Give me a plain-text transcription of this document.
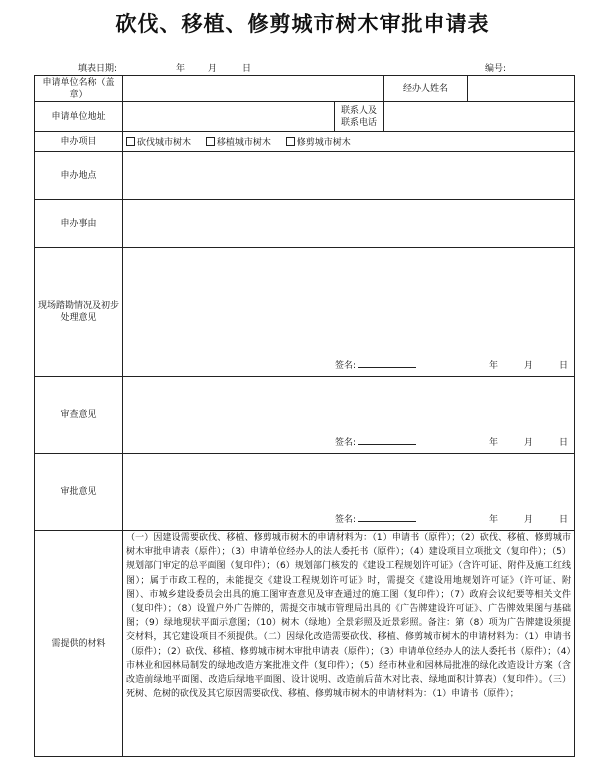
砍伐、移植、修剪城市树木审批申请表
填表日期:	年	月	日	编号:
申请单位名称（盖章）			经办人姓名	
申请单位地址		联系人及联系电话		
申办项目	砍伐城市树木 移植城市树木 修剪城市树木			
申办地点				
申办事由				
现场踏勘情况及初步处理意见	签名: 年 月 日			

审查意见	签名: 年 月 日			

审批意见	签名: 年 月 日			

需提供的材料	（一）因建设需要砍伐、移植、修剪城市树木的申请材料为：（1）申请书（原件）；（2）砍伐、移植、修剪城市树木审批申请表（原件）；（3）申请单位经办人的法人委托书（原件）；（4）建设项目立项批文（复印件）；（5）规划部门审定的总平面图（复印件）；（6）规划部门核发的《建设工程规划许可证》（含许可证、附件及施工红线图）；属于市政工程的，未能提交《建设工程规划许可证》时，需提交《建设用地规划许可证》（许可证、附图）、市城乡建设委员会出具的施工图审查意见及审查通过的施工图（复印件）；（7）政府会议纪要等相关文件（复印件）；（8）设置户外广告牌的，需提交市城市管理局出具的《广告牌建设许可证》、广告牌效果图与基础图；（9）绿地现状平面示意图；（10）树木（绿地）全景彩照及近景彩照。备注：第（8）项为广告牌建设须提交材料，其它建设项目不须提供。（二）因绿化改造需要砍伐、移植、修剪城市树木的申请材料为：（1）申请书（原件）；（2）砍伐、移植、修剪城市树木审批申请表（原件）；（3）申请单位经办人的法人委托书（原件）；（4）市林业和园林局制发的绿地改造方案批准文件（复印件）；（5）经市林业和园林局批准的绿化改造设计方案（含改造前绿地平面图、改造后绿地平面图、设计说明、改造前后苗木对比表、绿地面积计算表）（复印件）。（三）死树、危树的砍伐及其它原因需要砍伐、移植、修剪城市树木的申请材料为：（1）申请书（原件）；			
